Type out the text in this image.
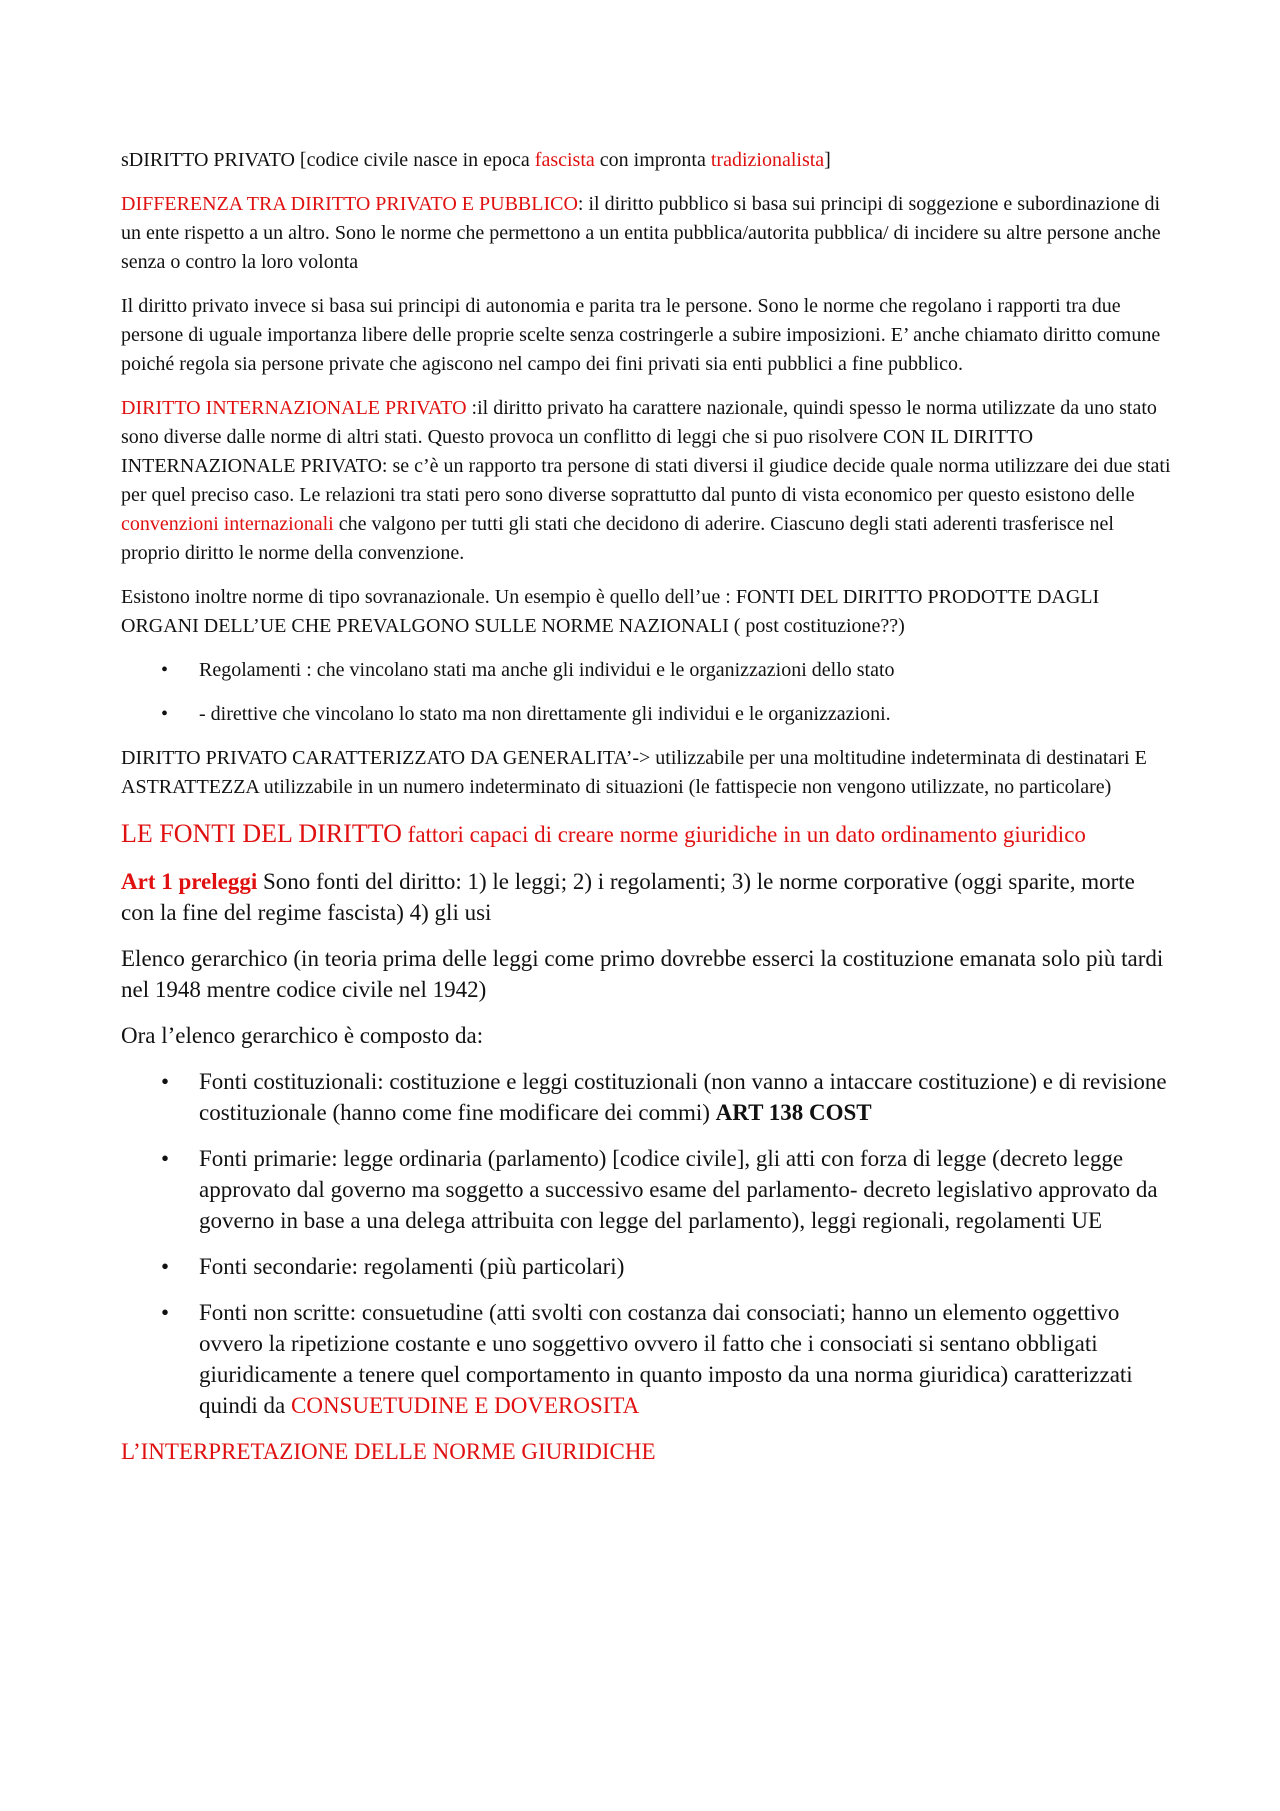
sDIRITTO PRIVATO [codice civile nasce in epoca fascista con impronta tradizionalista]

DIFFERENZA TRA DIRITTO PRIVATO E PUBBLICO: il diritto pubblico si basa sui principi di soggezione e subordinazione di un ente rispetto a un altro. Sono le norme che permettono a un entita pubblica/autorita pubblica/ di incidere su altre persone anche senza o contro la loro volonta

Il diritto privato invece si basa sui principi di autonomia e parita tra le persone. Sono le norme che regolano i rapporti tra due persone di uguale importanza libere delle proprie scelte senza costringerle a subire imposizioni. E’ anche chiamato diritto comune poiché regola sia persone private che agiscono nel campo dei fini privati sia enti pubblici a fine pubblico.

DIRITTO INTERNAZIONALE PRIVATO :il diritto privato ha carattere nazionale, quindi spesso le norma utilizzate da uno stato sono diverse dalle norme di altri stati. Questo provoca un conflitto di leggi che si puo risolvere CON IL DIRITTO INTERNAZIONALE PRIVATO: se c’è un rapporto tra persone di stati diversi il giudice decide quale norma utilizzare dei due stati per quel preciso caso. Le relazioni tra stati pero sono diverse soprattutto dal punto di vista economico per questo esistono delle convenzioni internazionali che valgono per tutti gli stati che decidono di aderire. Ciascuno degli stati aderenti trasferisce nel proprio diritto le norme della convenzione.

Esistono inoltre norme di tipo sovranazionale. Un esempio è quello dell’ue : FONTI DEL DIRITTO PRODOTTE DAGLI ORGANI DELL’UE CHE PREVALGONO SULLE NORME NAZIONALI ( post costituzione??)

• Regolamenti : che vincolano stati ma anche gli individui e le organizzazioni dello stato
• - direttive che vincolano lo stato ma non direttamente gli individui e le organizzazioni.

DIRITTO PRIVATO CARATTERIZZATO DA GENERALITA’-> utilizzabile per una moltitudine indeterminata di destinatari E ASTRATTEZZA utilizzabile in un numero indeterminato di situazioni (le fattispecie non vengono utilizzate, no particolare)

LE FONTI DEL DIRITTO fattori capaci di creare norme giuridiche in un dato ordinamento giuridico

Art 1 preleggi Sono fonti del diritto: 1) le leggi; 2) i regolamenti; 3) le norme corporative (oggi sparite, morte con la fine del regime fascista) 4) gli usi

Elenco gerarchico (in teoria prima delle leggi come primo dovrebbe esserci la costituzione emanata solo più tardi nel 1948 mentre codice civile nel 1942)

Ora l’elenco gerarchico è composto da:

• Fonti costituzionali: costituzione e leggi costituzionali (non vanno a intaccare costituzione) e di revisione costituzionale (hanno come fine modificare dei commi) ART 138 COST
• Fonti primarie: legge ordinaria (parlamento) [codice civile], gli atti con forza di legge (decreto legge approvato dal governo ma soggetto a successivo esame del parlamento- decreto legislativo approvato da governo in base a una delega attribuita con legge del parlamento), leggi regionali, regolamenti UE
• Fonti secondarie: regolamenti (più particolari)
• Fonti non scritte: consuetudine (atti svolti con costanza dai consociati; hanno un elemento oggettivo ovvero la ripetizione costante e uno soggettivo ovvero il fatto che i consociati si sentano obbligati giuridicamente a tenere quel comportamento in quanto imposto da una norma giuridica) caratterizzati quindi da CONSUETUDINE E DOVEROSITA

L’INTERPRETAZIONE DELLE NORME GIURIDICHE
